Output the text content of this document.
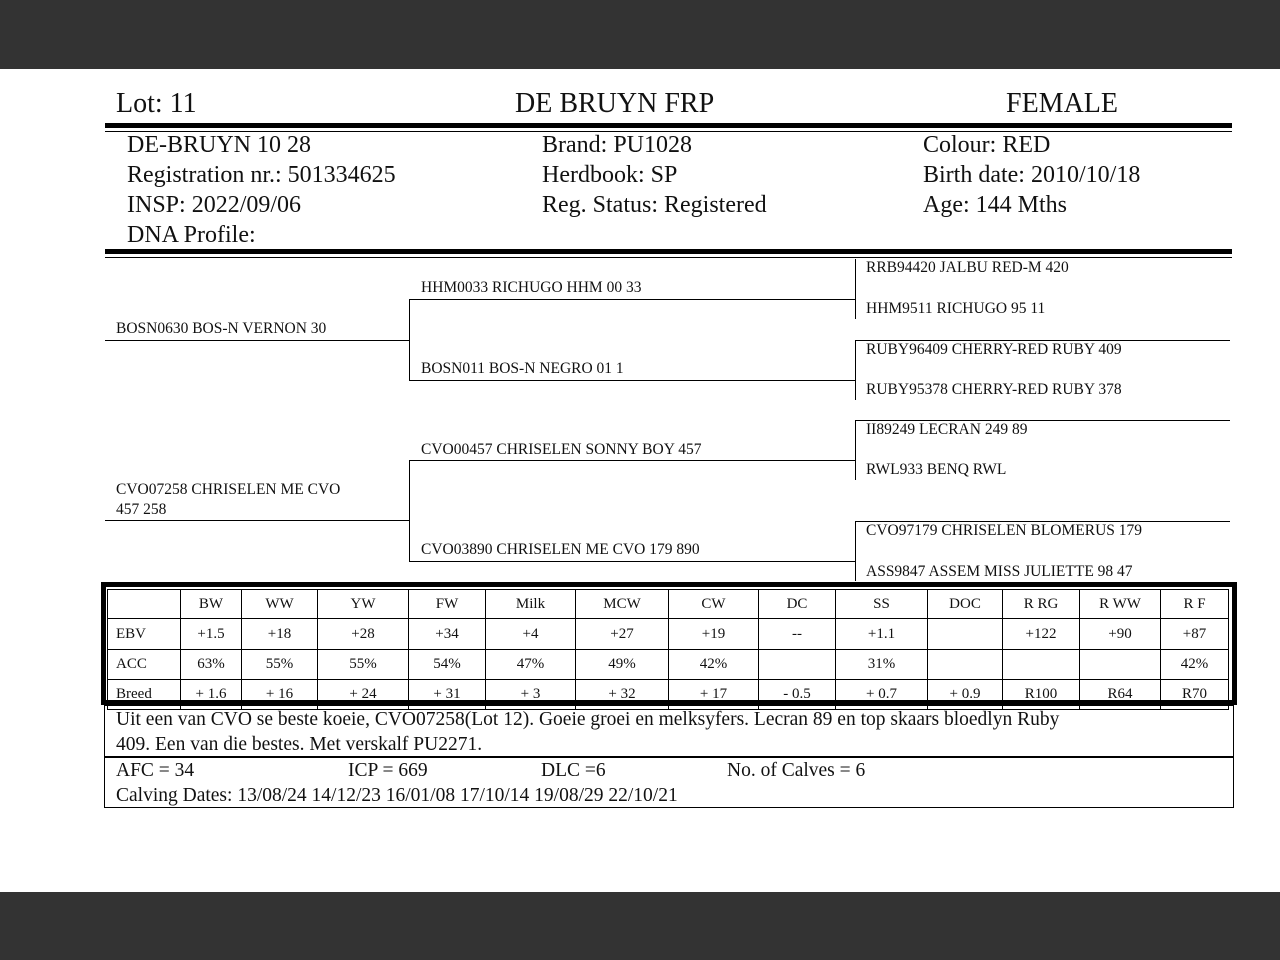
Lot: 11	DE BRUYN FRP	FEMALE
DE-BRUYN 10 28
Registration nr.: 501334625
INSP: 2022/09/06
DNA Profile:
Brand: PU1028
Herdbook: SP
Reg. Status: Registered
Colour: RED
Birth date: 2010/10/18
Age: 144 Mths
BOSN0630 BOS-N VERNON 30
CVO07258 CHRISELEN ME CVO
457 258
HHM0033 RICHUGO HHM 00 33
BOSN011 BOS-N NEGRO 01 1
CVO00457 CHRISELEN SONNY BOY 457
CVO03890 CHRISELEN ME CVO 179 890
RRB94420 JALBU RED-M 420
HHM9511 RICHUGO 95 11
RUBY96409 CHERRY-RED RUBY 409
RUBY95378 CHERRY-RED RUBY 378
II89249 LECRAN 249 89
RWL933 BENQ RWL
CVO97179 CHRISELEN BLOMERUS 179
ASS9847 ASSEM MISS JULIETTE 98 47
	BW	WW	YW	FW	Milk	MCW	CW	DC	SS	DOC	R RG	R WW	R F
EBV	+1.5	+18	+28	+34	+4	+27	+19	--	+1.1		+122	+90	+87
ACC	63%	55%	55%	54%	47%	49%	42%		31%				42%
Breed	+ 1.6	+ 16	+ 24	+ 31	+ 3	+ 32	+ 17	- 0.5	+ 0.7	+ 0.9	R100	R64	R70
Uit een van CVO se beste koeie, CVO07258(Lot 12). Goeie groei en melksyfers. Lecran 89 en top skaars bloedlyn Ruby
409. Een van die bestes. Met verskalf PU2271.
AFC = 34	ICP = 669	DLC =6	No. of Calves = 6
Calving Dates: 13/08/24 14/12/23 16/01/08 17/10/14 19/08/29 22/10/21
